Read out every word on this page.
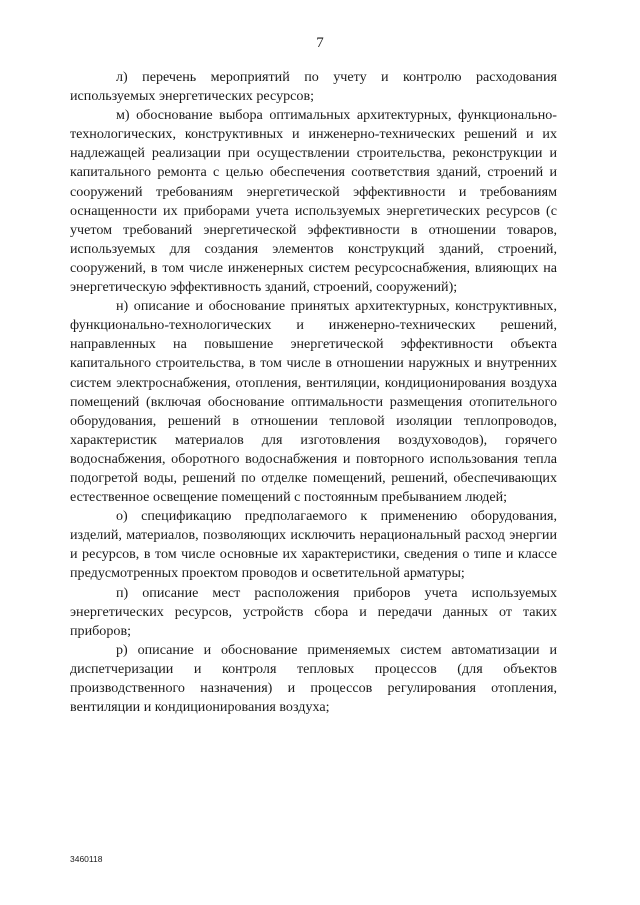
7

л) перечень мероприятий по учету и контролю расходования используемых энергетических ресурсов;

м) обоснование выбора оптимальных архитектурных, функционально-технологических, конструктивных и инженерно-технических решений и их надлежащей реализации при осуществлении строительства, реконструкции и капитального ремонта с целью обеспечения соответствия зданий, строений и сооружений требованиям энергетической эффективности и требованиям оснащенности их приборами учета используемых энергетических ресурсов (с учетом требований энергетической эффективности в отношении товаров, используемых для создания элементов конструкций зданий, строений, сооружений, в том числе инженерных систем ресурсоснабжения, влияющих на энергетическую эффективность зданий, строений, сооружений);

н) описание и обоснование принятых архитектурных, конструктивных, функционально-технологических и инженерно-технических решений, направленных на повышение энергетической эффективности объекта капитального строительства, в том числе в отношении наружных и внутренних систем электроснабжения, отопления, вентиляции, кондиционирования воздуха помещений (включая обоснование оптимальности размещения отопительного оборудования, решений в отношении тепловой изоляции теплопроводов, характеристик материалов для изготовления воздуховодов), горячего водоснабжения, оборотного водоснабжения и повторного использования тепла подогретой воды, решений по отделке помещений, решений, обеспечивающих естественное освещение помещений с постоянным пребыванием людей;

о) спецификацию предполагаемого к применению оборудования, изделий, материалов, позволяющих исключить нерациональный расход энергии и ресурсов, в том числе основные их характеристики, сведения о типе и классе предусмотренных проектом проводов и осветительной арматуры;

п) описание мест расположения приборов учета используемых энергетических ресурсов, устройств сбора и передачи данных от таких приборов;

р) описание и обоснование применяемых систем автоматизации и диспетчеризации и контроля тепловых процессов (для объектов производственного назначения) и процессов регулирования отопления, вентиляции и кондиционирования воздуха;

3460118
